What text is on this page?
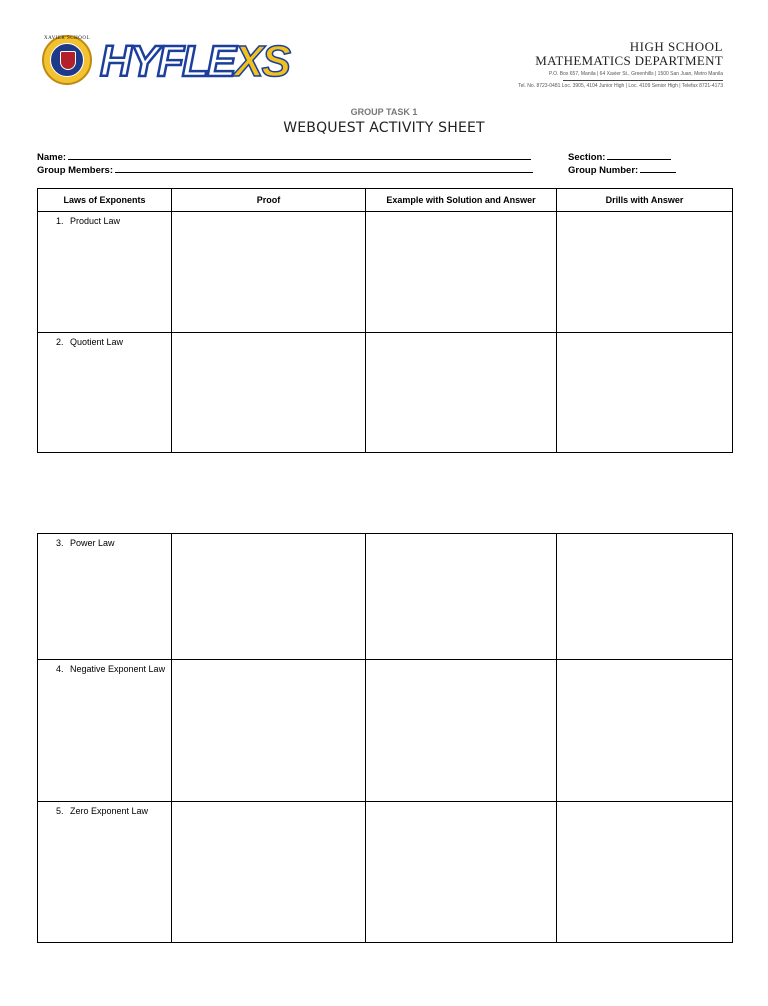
XAVIER SCHOOL HYFLEXS	HIGH SCHOOL
MATHEMATICS DEPARTMENT
P.O. Box 657, Manila | 64 Xavier St., Greenhills | 1500 San Juan, Metro Manila
Tel. No. 8723-0481 Loc. 3905, 4104 Junior High | Loc. 4109 Senior High | Telefax 8721-4173
GROUP TASK 1
WEBQUEST ACTIVITY SHEET
Name:
Group Members:
Section:
Group Number:
Laws of Exponents	Proof	Example with Solution and Answer	Drills with Answer

1. Product Law			

2. Quotient Law			

3. Power Law			

4. Negative Exponent Law			

5. Zero Exponent Law			
